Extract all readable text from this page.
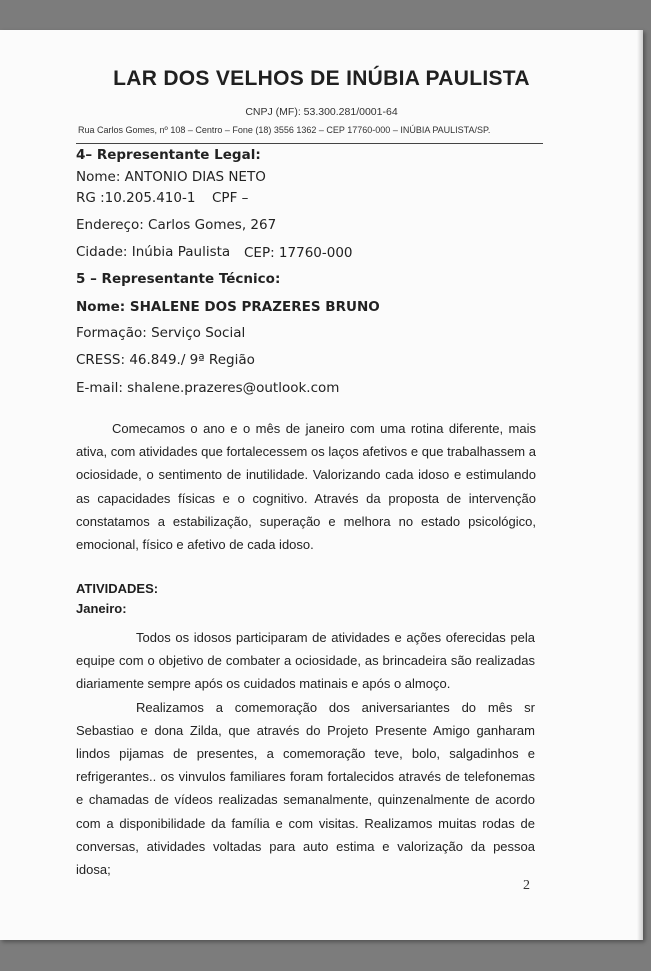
LAR DOS VELHOS DE INÚBIA PAULISTA
CNPJ (MF): 53.300.281/0001-64
Rua Carlos Gomes, nº 108 – Centro – Fone (18) 3556 1362 – CEP 17760-000 – INÚBIA PAULISTA/SP.
4– Representante Legal:
Nome: ANTONIO DIAS NETO
RG :10.205.410-1 CPF –
Endereço: Carlos Gomes, 267
Cidade: Inúbia Paulista CEP: 17760-000
5 – Representante Técnico:
Nome: SHALENE DOS PRAZERES BRUNO
Formação: Serviço Social
CRESS: 46.849./ 9ª Região
E-mail: shalene.prazeres@outlook.com

Comecamos o ano e o mês de janeiro com uma rotina diferente, mais ativa, com atividades que fortalecessem os laços afetivos e que trabalhassem a ociosidade, o sentimento de inutilidade. Valorizando cada idoso e estimulando as capacidades físicas e o cognitivo. Através da proposta de intervenção constatamos a estabilização, superação e melhora no estado psicológico, emocional, físico e afetivo de cada idoso.

ATIVIDADES:
Janeiro:

Todos os idosos participaram de atividades e ações oferecidas pela equipe com o objetivo de combater a ociosidade, as brincadeira são realizadas diariamente sempre após os cuidados matinais e após o almoço.

Realizamos a comemoração dos aniversariantes do mês sr Sebastiao e dona Zilda, que através do Projeto Presente Amigo ganharam lindos pijamas de presentes, a comemoração teve, bolo, salgadinhos e refrigerantes.. os vinvulos familiares foram fortalecidos através de telefonemas e chamadas de vídeos realizadas semanalmente, quinzenalmente de acordo com a disponibilidade da família e com visitas. Realizamos muitas rodas de conversas, atividades voltadas para auto estima e valorização da pessoa idosa;

2
